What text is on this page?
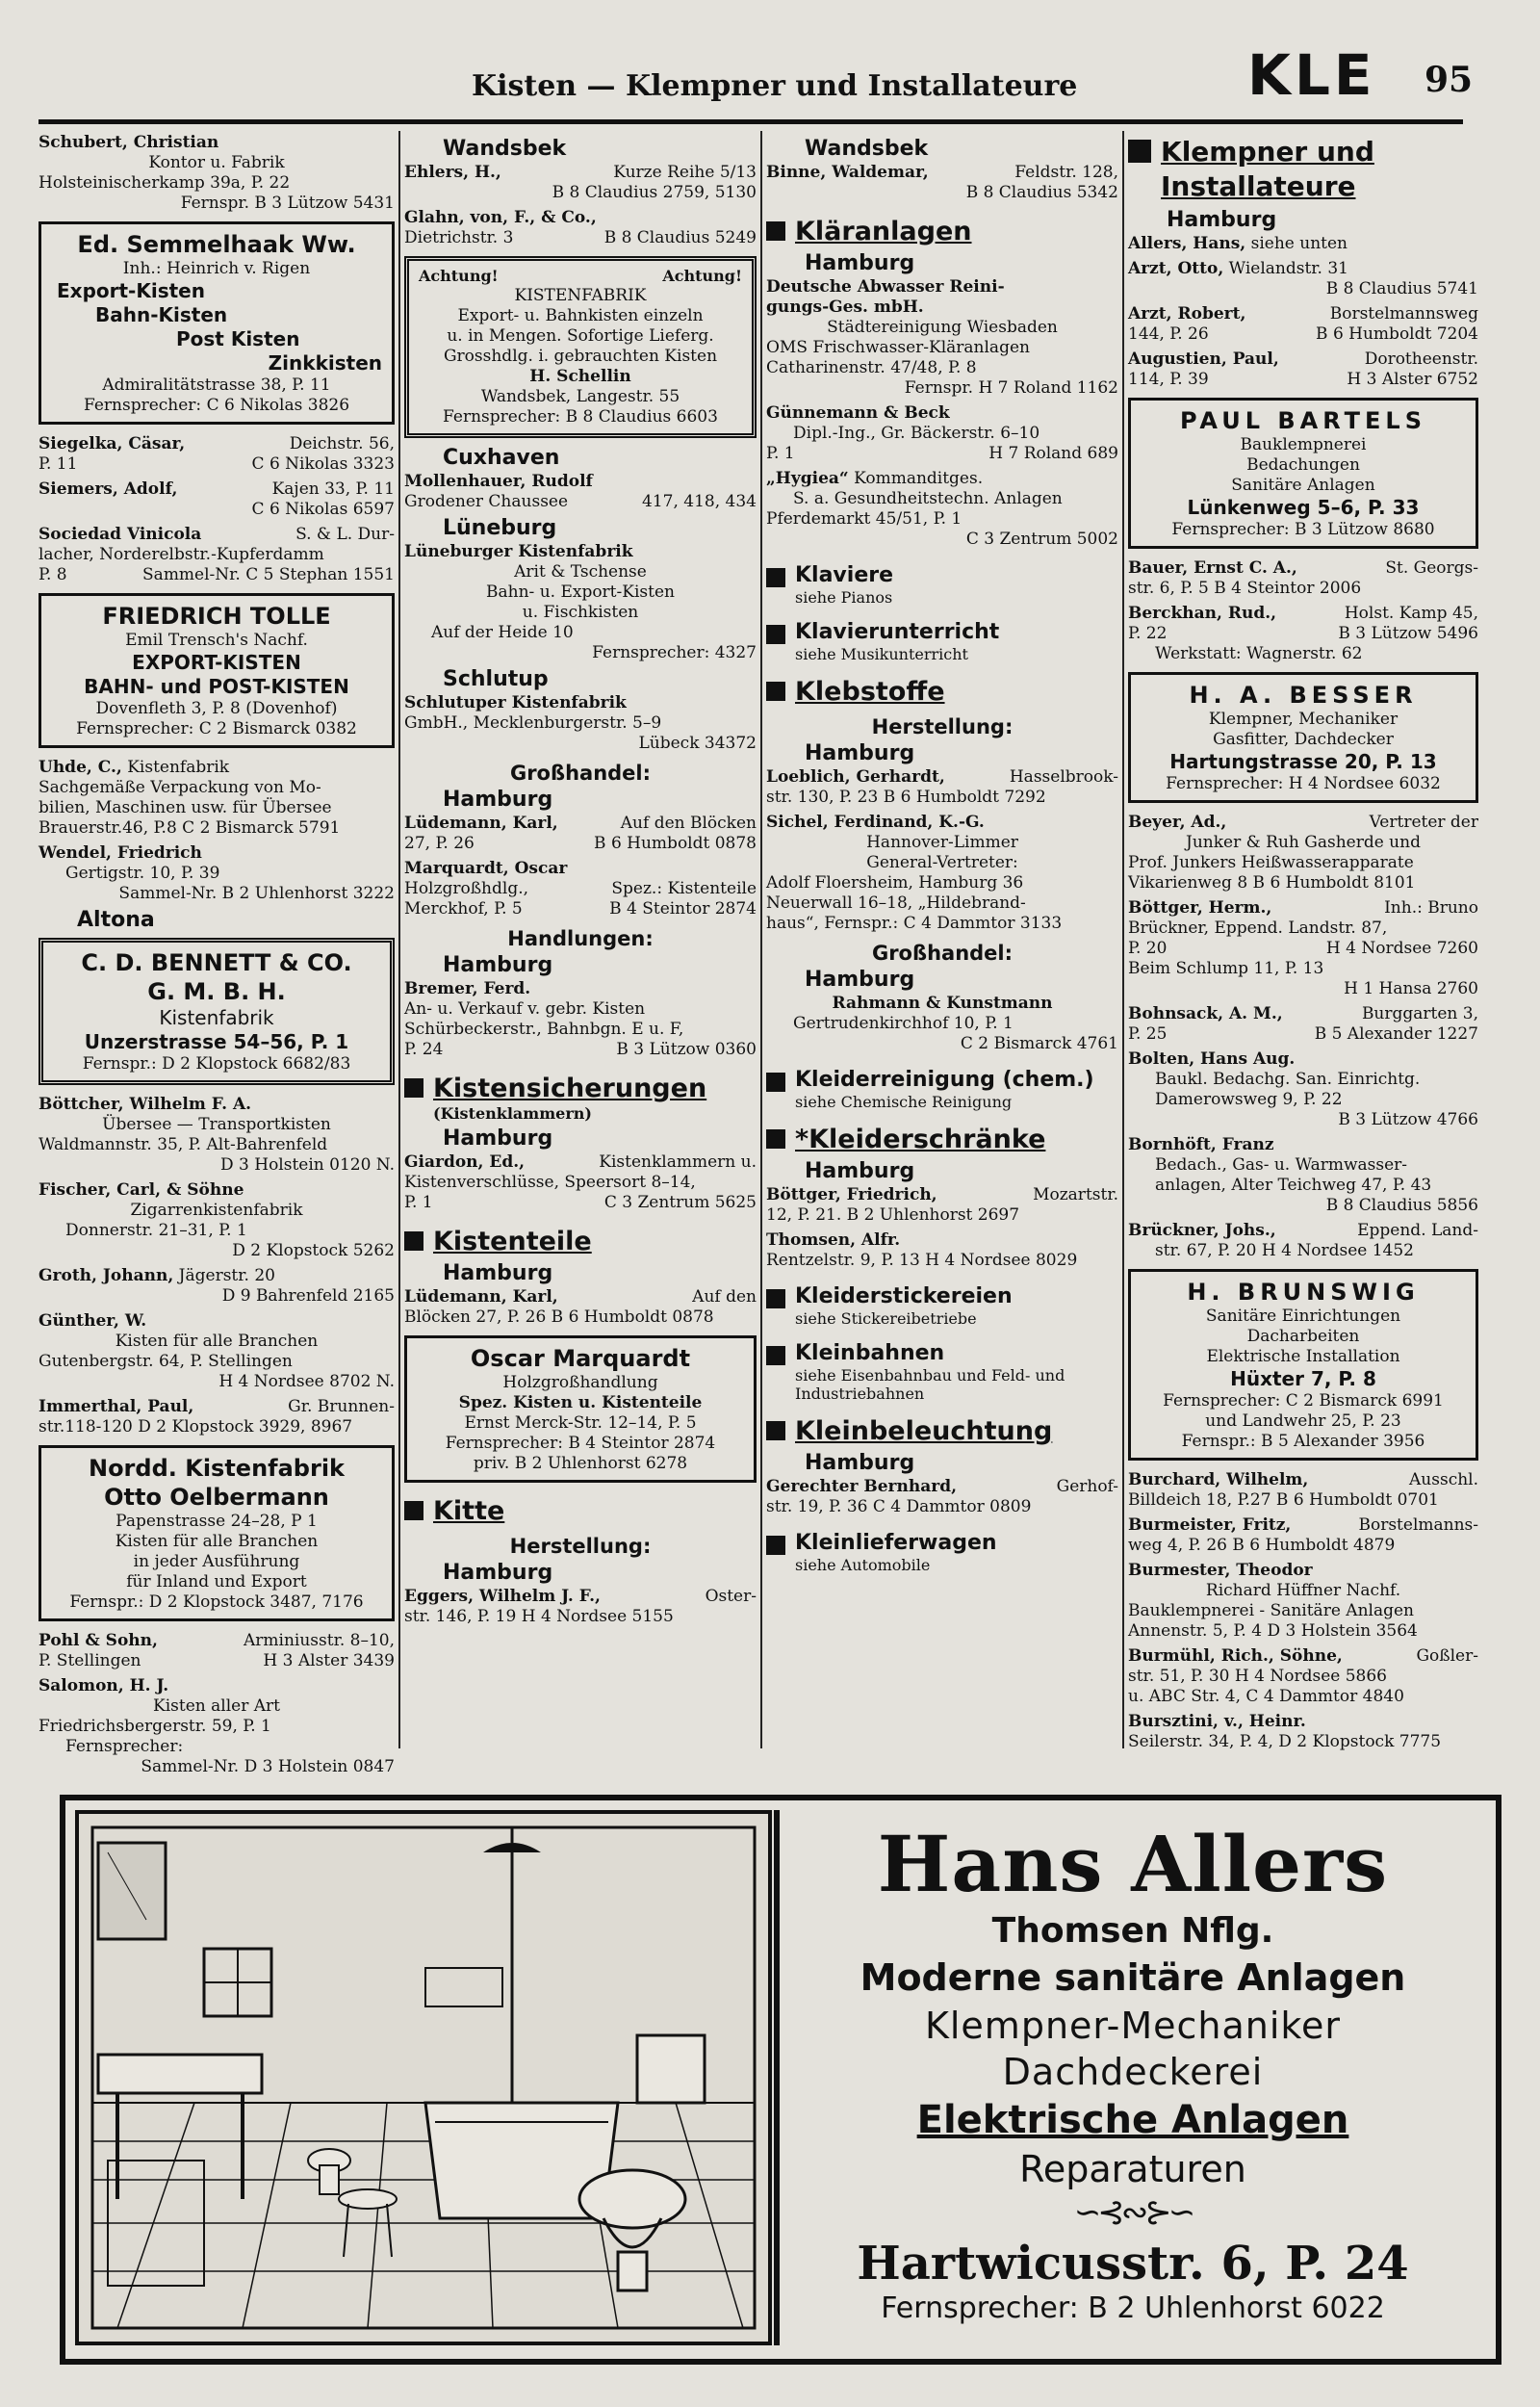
Kisten — Klempner und Installateure	KLE 95
Schubert, Christian
Kontor u. Fabrik
Holsteinischerkamp 39a, P. 22
Fernspr. B 3 Lützow 5431
Ed. Semmelhaak Ww.
Inh.: Heinrich v. Rigen
Export-Kisten
Bahn-Kisten
Post Kisten
Zinkkisten
Admiralitätstrasse 38, P. 11
Fernsprecher: C 6 Nikolas 3826
Siegelka, Cäsar,	Deichstr. 56,
P. 11	C 6 Nikolas 3323
Siemers, Adolf,	Kajen 33, P. 11
C 6 Nikolas 6597
Sociedad Vinicola	S. & L. Dur-
lacher, Norderelbstr.-Kupferdamm
P. 8	Sammel-Nr. C 5 Stephan 1551
FRIEDRICH TOLLE
Emil Trensch's Nachf.
EXPORT-KISTEN
BAHN- und POST-KISTEN
Dovenfleth 3, P. 8 (Dovenhof)
Fernsprecher: C 2 Bismarck 0382
Uhde, C., Kistenfabrik
Sachgemäße Verpackung von Mo-
bilien, Maschinen usw. für Übersee
Brauerstr.46, P.8 C 2 Bismarck 5791
Wendel, Friedrich
Gertigstr. 10, P. 39
Sammel-Nr. B 2 Uhlenhorst 3222
Altona
C. D. BENNETT & CO.
G. M. B. H.
Kistenfabrik
Unzerstrasse 54–56, P. 1
Fernspr.: D 2 Klopstock 6682/83
Böttcher, Wilhelm F. A.
Übersee — Transportkisten
Waldmannstr. 35, P. Alt-Bahrenfeld
D 3 Holstein 0120 N.
Fischer, Carl, & Söhne
Zigarrenkistenfabrik
Donnerstr. 21–31, P. 1
D 2 Klopstock 5262
Groth, Johann, Jägerstr. 20
D 9 Bahrenfeld 2165
Günther, W.
Kisten für alle Branchen
Gutenbergstr. 64, P. Stellingen
H 4 Nordsee 8702 N.
Immerthal, Paul,	Gr. Brunnen-
str.118-120 D 2 Klopstock 3929, 8967
Nordd. Kistenfabrik
Otto Oelbermann
Papenstrasse 24–28, P 1
Kisten für alle Branchen
in jeder Ausführung
für Inland und Export
Fernspr.: D 2 Klopstock 3487, 7176
Pohl & Sohn,	Arminiusstr. 8–10,
P. Stellingen	H 3 Alster 3439
Salomon, H. J.
Kisten aller Art
Friedrichsbergerstr. 59, P. 1
Fernsprecher:
Sammel-Nr. D 3 Holstein 0847
Wandsbek
Ehlers, H.,	Kurze Reihe 5/13
B 8 Claudius 2759, 5130
Glahn, von, F., & Co.,
Dietrichstr. 3	B 8 Claudius 5249
Achtung!	Achtung!
KISTENFABRIK
Export- u. Bahnkisten einzeln
u. in Mengen. Sofortige Lieferg.
Grosshdlg. i. gebrauchten Kisten
H. Schellin
Wandsbek, Langestr. 55
Fernsprecher: B 8 Claudius 6603
Cuxhaven
Mollenhauer, Rudolf
Grodener Chaussee	417, 418, 434
Lüneburg
Lüneburger Kistenfabrik
Arit & Tschense
Bahn- u. Export-Kisten
u. Fischkisten
Auf der Heide 10
Fernsprecher: 4327
Schlutup
Schlutuper Kistenfabrik
GmbH., Mecklenburgerstr. 5–9
Lübeck 34372
Großhandel:
Hamburg
Lüdemann, Karl,	Auf den Blöcken
27, P. 26	B 6 Humboldt 0878
Marquardt, Oscar
Holzgroßhdlg.,	Spez.: Kistenteile
Merckhof, P. 5	B 4 Steintor 2874
Handlungen:
Hamburg
Bremer, Ferd.
An- u. Verkauf v. gebr. Kisten
Schürbeckerstr., Bahnbgn. E u. F,
P. 24	B 3 Lützow 0360
Kistensicherungen
(Kistenklammern)
Hamburg
Giardon, Ed.,	Kistenklammern u.
Kistenverschlüsse, Speersort 8–14,
P. 1	C 3 Zentrum 5625
Kistenteile
Hamburg
Lüdemann, Karl,	Auf den
Blöcken 27, P. 26 B 6 Humboldt 0878
Oscar Marquardt
Holzgroßhandlung
Spez. Kisten u. Kistenteile
Ernst Merck-Str. 12–14, P. 5
Fernsprecher: B 4 Steintor 2874
priv. B 2 Uhlenhorst 6278
Kitte
Herstellung:
Hamburg
Eggers, Wilhelm J. F.,	Oster-
str. 146, P. 19 H 4 Nordsee 5155
Wandsbek
Binne, Waldemar,	Feldstr. 128,
B 8 Claudius 5342
Kläranlagen
Hamburg
Deutsche Abwasser Reini-
gungs-Ges. mbH.
Städtereinigung Wiesbaden
OMS Frischwasser-Kläranlagen
Catharinenstr. 47/48, P. 8
Fernspr. H 7 Roland 1162
Günnemann & Beck
Dipl.-Ing., Gr. Bäckerstr. 6–10
P. 1	H 7 Roland 689
„Hygiea“ Kommanditges.
S. a. Gesundheitstechn. Anlagen
Pferdemarkt 45/51, P. 1
C 3 Zentrum 5002
Klaviere
siehe Pianos
Klavierunterricht
siehe Musikunterricht
Klebstoffe
Herstellung:
Hamburg
Loeblich, Gerhardt,	Hasselbrook-
str. 130, P. 23 B 6 Humboldt 7292
Sichel, Ferdinand, K.-G.
Hannover-Limmer
General-Vertreter:
Adolf Floersheim, Hamburg 36
Neuerwall 16–18, „Hildebrand-
haus“, Fernspr.: C 4 Dammtor 3133
Großhandel:
Hamburg
Rahmann & Kunstmann
Gertrudenkirchhof 10, P. 1
C 2 Bismarck 4761
Kleiderreinigung (chem.)
siehe Chemische Reinigung
*Kleiderschränke
Hamburg
Böttger, Friedrich,	Mozartstr.
12, P. 21. B 2 Uhlenhorst 2697
Thomsen, Alfr.
Rentzelstr. 9, P. 13 H 4 Nordsee 8029
Kleiderstickereien
siehe Stickereibetriebe
Kleinbahnen
siehe Eisenbahnbau und Feld- und Industriebahnen
Kleinbeleuchtung
Hamburg
Gerechter Bernhard,	Gerhof-
str. 19, P. 36 C 4 Dammtor 0809
Kleinlieferwagen
siehe Automobile
Klempner und Installateure
Hamburg
Allers, Hans, siehe unten
Arzt, Otto, Wielandstr. 31
B 8 Claudius 5741
Arzt, Robert,	Borstelmannsweg
144, P. 26	B 6 Humboldt 7204
Augustien, Paul,	Dorotheenstr.
114, P. 39	H 3 Alster 6752
PAUL BARTELS
Bauklempnerei
Bedachungen
Sanitäre Anlagen
Lünkenweg 5–6, P. 33
Fernsprecher: B 3 Lützow 8680
Bauer, Ernst C. A.,	St. Georgs-
str. 6, P. 5 B 4 Steintor 2006
Berckhan, Rud.,	Holst. Kamp 45,
P. 22	B 3 Lützow 5496
Werkstatt: Wagnerstr. 62
H. A. BESSER
Klempner, Mechaniker
Gasfitter, Dachdecker
Hartungstrasse 20, P. 13
Fernsprecher: H 4 Nordsee 6032
Beyer, Ad.,	Vertreter der
Junker & Ruh Gasherde und
Prof. Junkers Heißwasserapparate
Vikarienweg 8 B 6 Humboldt 8101
Böttger, Herm.,	Inh.: Bruno
Brückner, Eppend. Landstr. 87,
P. 20	H 4 Nordsee 7260
Beim Schlump 11, P. 13
H 1 Hansa 2760
Bohnsack, A. M.,	Burggarten 3,
P. 25	B 5 Alexander 1227
Bolten, Hans Aug.
Baukl. Bedachg. San. Einrichtg.
Damerowsweg 9, P. 22
B 3 Lützow 4766
Bornhöft, Franz
Bedach., Gas- u. Warmwasser-
anlagen, Alter Teichweg 47, P. 43
B 8 Claudius 5856
Brückner, Johs.,	Eppend. Land-
str. 67, P. 20 H 4 Nordsee 1452
H. BRUNSWIG
Sanitäre Einrichtungen
Dacharbeiten
Elektrische Installation
Hüxter 7, P. 8
Fernsprecher: C 2 Bismarck 6991
und Landwehr 25, P. 23
Fernspr.: B 5 Alexander 3956
Burchard, Wilhelm,	Ausschl.
Billdeich 18, P.27 B 6 Humboldt 0701
Burmeister, Fritz,	Borstelmanns-
weg 4, P. 26 B 6 Humboldt 4879
Burmester, Theodor
Richard Hüffner Nachf.
Bauklempnerei - Sanitäre Anlagen
Annenstr. 5, P. 4 D 3 Holstein 3564
Burmühl, Rich., Söhne,	Goßler-
str. 51, P. 30 H 4 Nordsee 5866
u. ABC Str. 4, C 4 Dammtor 4840
Bursztini, v., Heinr.
Seilerstr. 34, P. 4, D 2 Klopstock 7775
Hans Allers
Thomsen Nflg.
Moderne sanitäre Anlagen
Klempner-Mechaniker
Dachdeckerei
Elektrische Anlagen
Reparaturen
∽⊰∾⊱∽
Hartwicusstr. 6, P. 24
Fernsprecher: B 2 Uhlenhorst 6022
